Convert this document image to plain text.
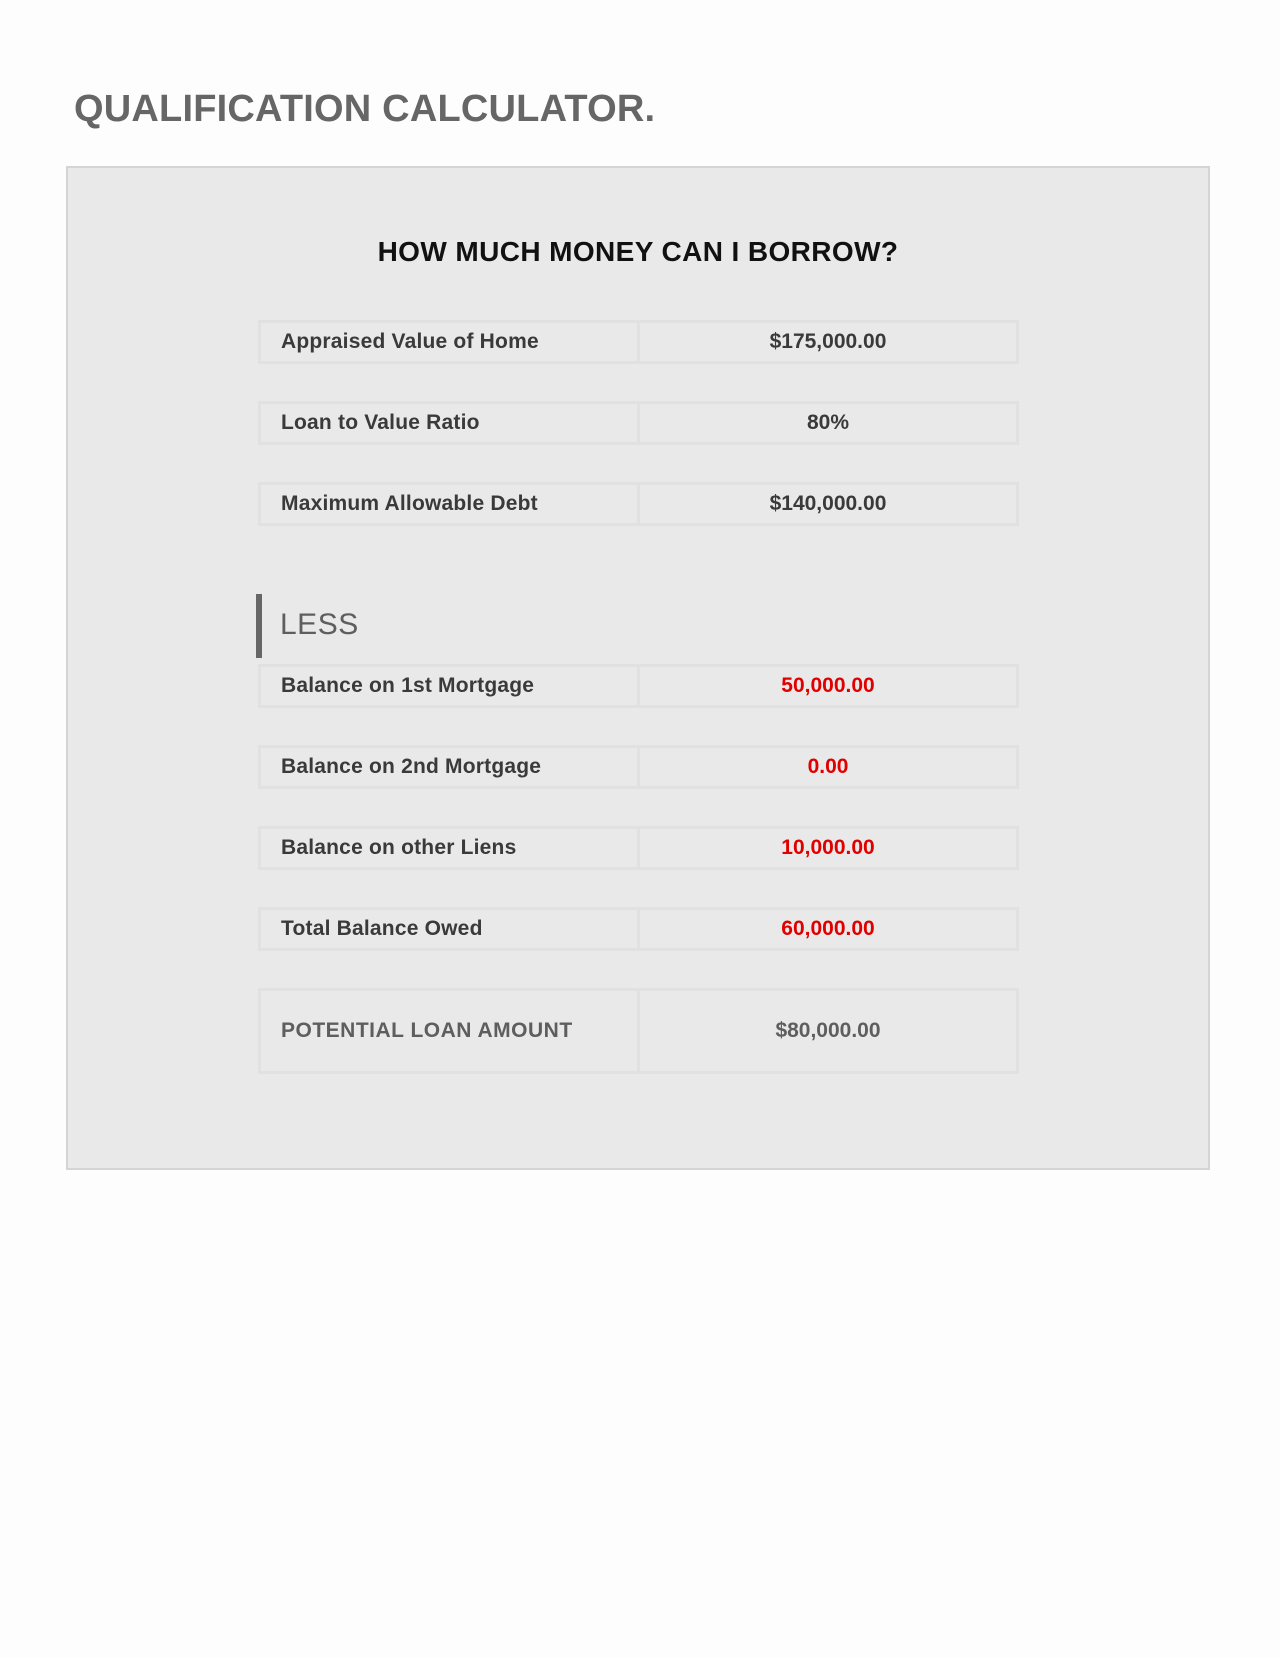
QUALIFICATION CALCULATOR.
HOW MUCH MONEY CAN I BORROW?
Appraised Value of Home	$175,000.00
Loan to Value Ratio	80%
Maximum Allowable Debt	$140,000.00
LESS
Balance on 1st Mortgage	50,000.00
Balance on 2nd Mortgage	0.00
Balance on other Liens	10,000.00
Total Balance Owed	60,000.00
POTENTIAL LOAN AMOUNT	$80,000.00
